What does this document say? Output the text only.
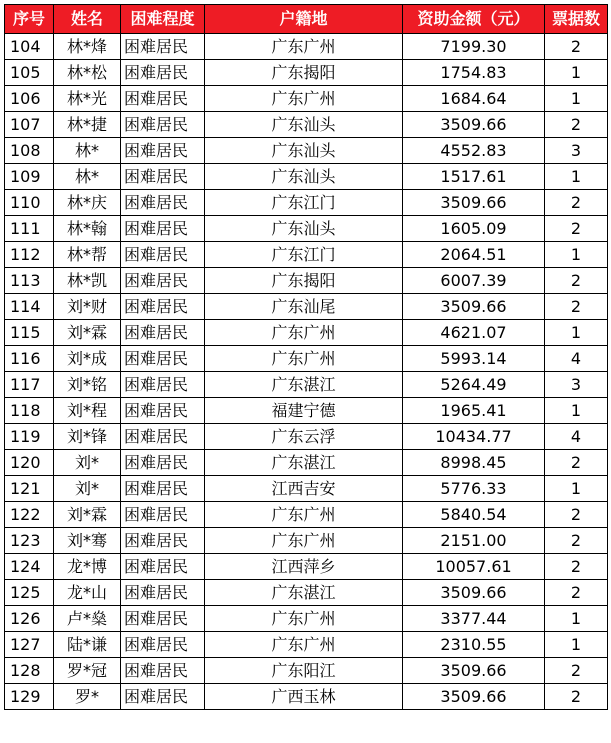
序号	姓名	困难程度	户籍地	资助金额（元）	票据数
104	林*烽	困难居民	广东广州	7199.30	2
105	林*松	困难居民	广东揭阳	1754.83	1
106	林*光	困难居民	广东广州	1684.64	1
107	林*捷	困难居民	广东汕头	3509.66	2
108	林*	困难居民	广东汕头	4552.83	3
109	林*	困难居民	广东汕头	1517.61	1
110	林*庆	困难居民	广东江门	3509.66	2
111	林*翰	困难居民	广东汕头	1605.09	2
112	林*帮	困难居民	广东江门	2064.51	1
113	林*凯	困难居民	广东揭阳	6007.39	2
114	刘*财	困难居民	广东汕尾	3509.66	2
115	刘*霖	困难居民	广东广州	4621.07	1
116	刘*成	困难居民	广东广州	5993.14	4
117	刘*铭	困难居民	广东湛江	5264.49	3
118	刘*程	困难居民	福建宁德	1965.41	1
119	刘*锋	困难居民	广东云浮	10434.77	4
120	刘*	困难居民	广东湛江	8998.45	2
121	刘*	困难居民	江西吉安	5776.33	1
122	刘*霖	困难居民	广东广州	5840.54	2
123	刘*骞	困难居民	广东广州	2151.00	2
124	龙*博	困难居民	江西萍乡	10057.61	2
125	龙*山	困难居民	广东湛江	3509.66	2
126	卢*燊	困难居民	广东广州	3377.44	1
127	陆*谦	困难居民	广东广州	2310.55	1
128	罗*冠	困难居民	广东阳江	3509.66	2
129	罗*	困难居民	广西玉林	3509.66	2
